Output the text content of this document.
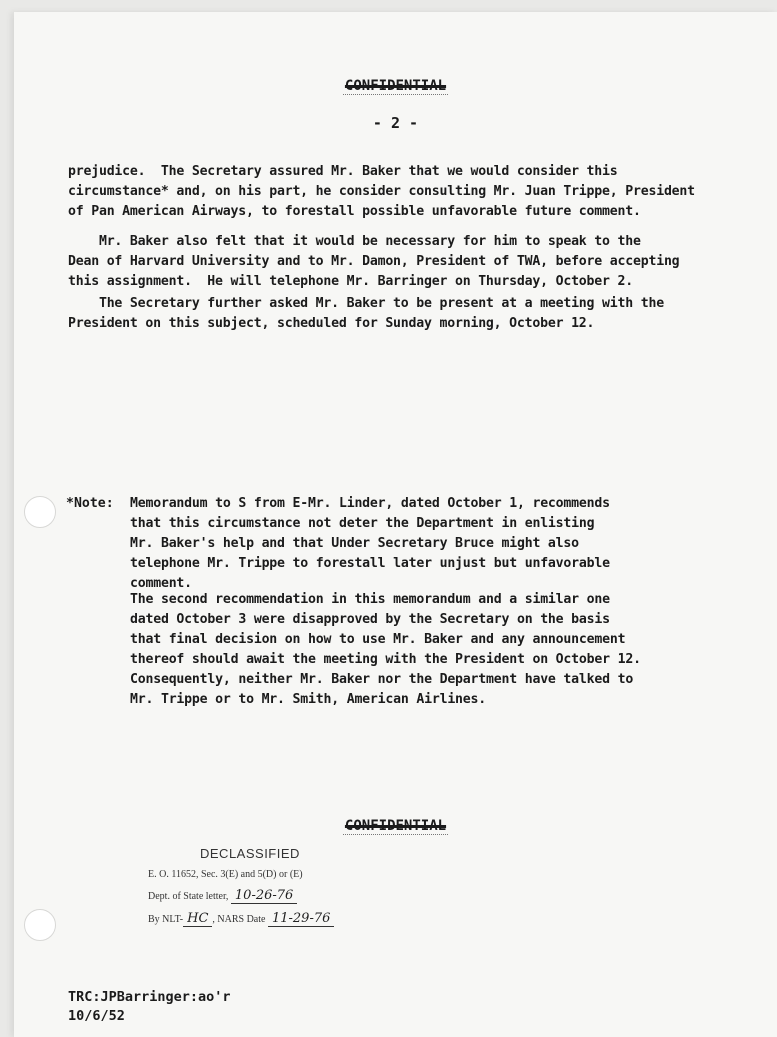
CONFIDENTIAL
- 2 -

prejudice.  The Secretary assured Mr. Baker that we would consider this
circumstance* and, on his part, he consider consulting Mr. Juan Trippe, President
of Pan American Airways, to forestall possible unfavorable future comment.

Mr. Baker also felt that it would be necessary for him to speak to the
Dean of Harvard University and to Mr. Damon, President of TWA, before accepting
this assignment.  He will telephone Mr. Barringer on Thursday, October 2.

The Secretary further asked Mr. Baker to be present at a meeting with the
President on this subject, scheduled for Sunday morning, October 12.

*Note: Memorandum to S from E-Mr. Linder, dated October 1, recommends
that this circumstance not deter the Department in enlisting
Mr. Baker's help and that Under Secretary Bruce might also
telephone Mr. Trippe to forestall later unjust but unfavorable
comment.

The second recommendation in this memorandum and a similar one
dated October 3 were disapproved by the Secretary on the basis
that final decision on how to use Mr. Baker and any announcement
thereof should await the meeting with the President on October 12.
Consequently, neither Mr. Baker nor the Department have talked to
Mr. Trippe or to Mr. Smith, American Airlines.

CONFIDENTIAL
DECLASSIFIED
E. O. 11652, Sec. 3(E) and 5(D) or (E)
Dept. of State letter, 10-26-76
By NLT- HC , NARS Date 11-29-76
TRC:JPBarringer:ao'r
10/6/52
